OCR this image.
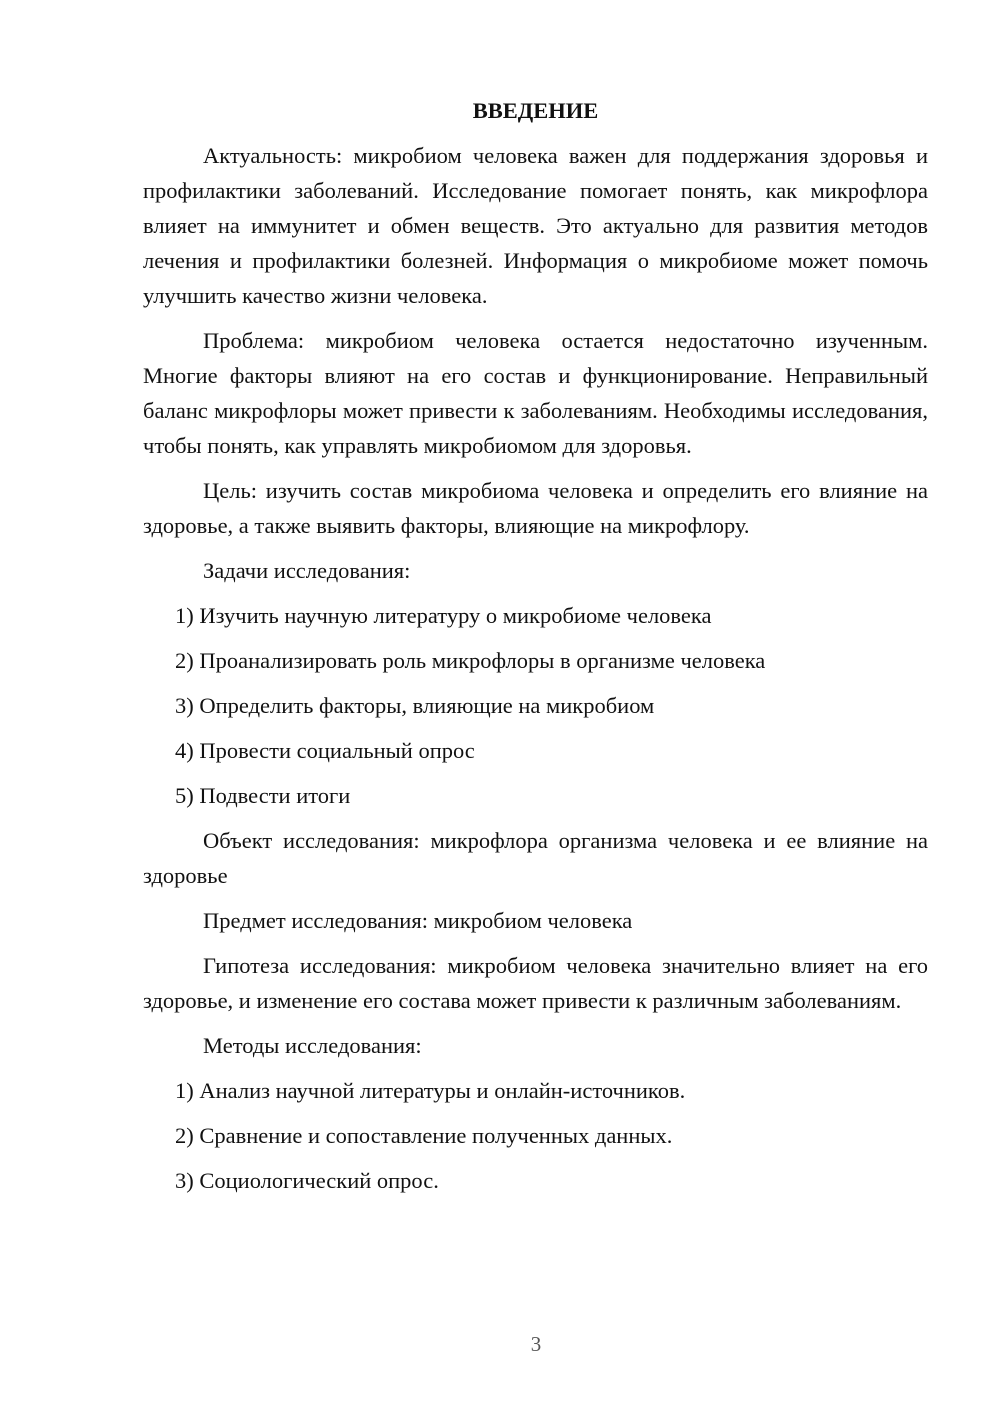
ВВЕДЕНИЕ

Актуальность: микробиом человека важен для поддержания здоровья и профилактики заболеваний. Исследование помогает понять, как микрофлора влияет на иммунитет и обмен веществ. Это актуально для развития методов лечения и профилактики болезней. Информация о микробиоме может помочь улучшить качество жизни человека.

Проблема: микробиом человека остается недостаточно изученным. Многие факторы влияют на его состав и функционирование. Неправильный баланс микрофлоры может привести к заболеваниям. Необходимы исследования, чтобы понять, как управлять микробиомом для здоровья.

Цель: изучить состав микробиома человека и определить его влияние на здоровье, а также выявить факторы, влияющие на микрофлору.

Задачи исследования:
1) Изучить научную литературу о микробиоме человека
2) Проанализировать роль микрофлоры в организме человека
3) Определить факторы, влияющие на микробиом
4) Провести социальный опрос
5) Подвести итоги

Объект исследования: микрофлора организма человека и ее влияние на здоровье

Предмет исследования: микробиом человека

Гипотеза исследования: микробиом человека значительно влияет на его здоровье, и изменение его состава может привести к различным заболеваниям.

Методы исследования:
1) Анализ научной литературы и онлайн-источников.
2) Сравнение и сопоставление полученных данных.
3) Социологический опрос.
3
